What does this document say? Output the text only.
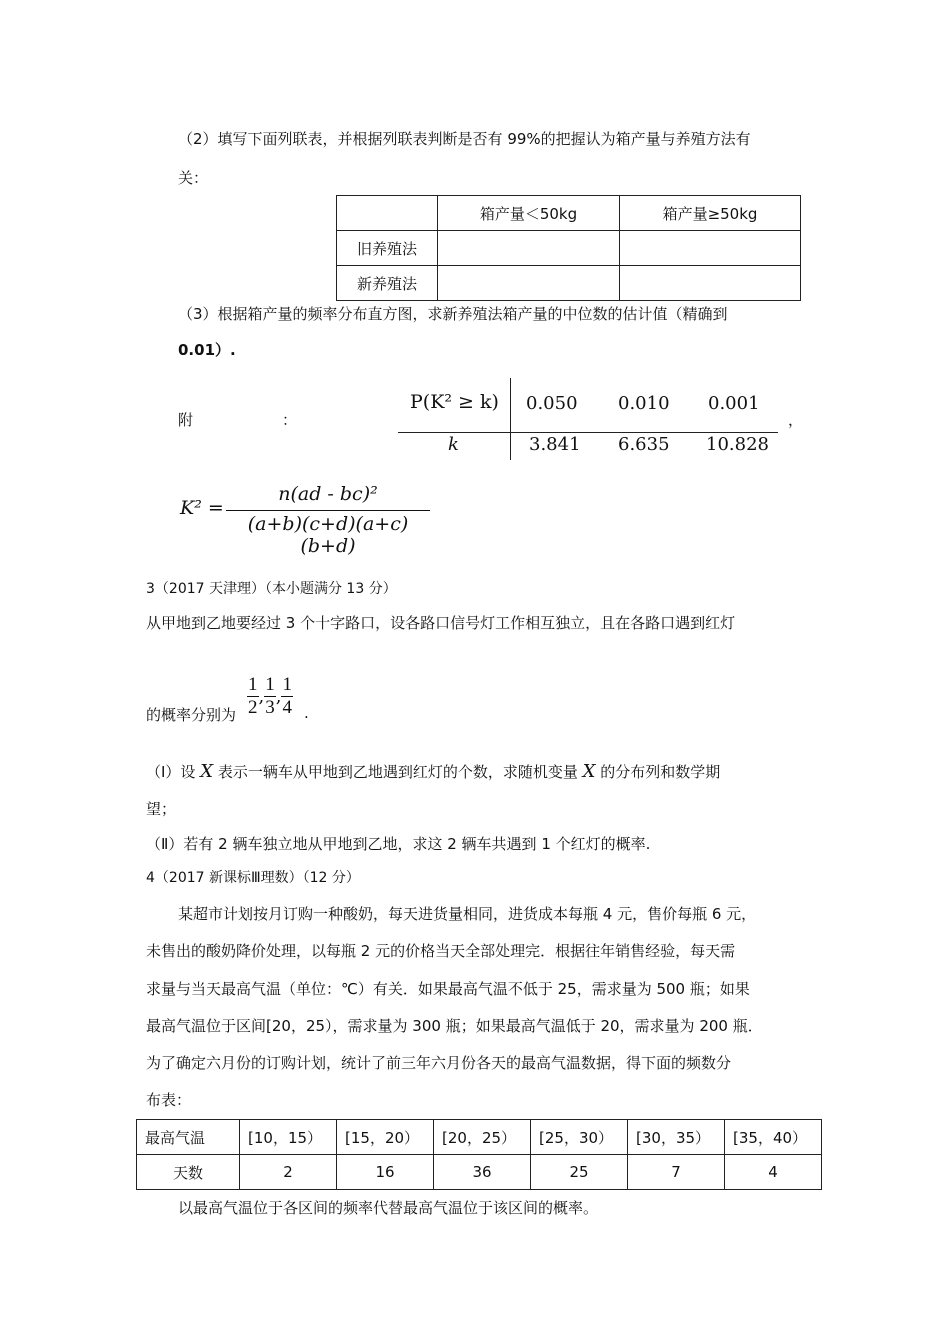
（2）填写下面列联表，并根据列联表判断是否有 99%的把握认为箱产量与养殖方法有
关：
	箱产量＜50kg	箱产量≥50kg
旧养殖法		
新养殖法		
（3）根据箱产量的频率分布直方图，求新养殖法箱产量的中位数的估计值（精确到
0.01）.
附	：
P(K² ≥ k) 0.050 0.010 0.001
k	3.841 6.635 10.828
，
K² =
n(ad - bc)²
(a+b)(c+d)(a+c)(b+d)
3（2017 天津理）（本小题满分 13 分）
从甲地到乙地要经过 3 个十字路口，设各路口信号灯工作相互独立，且在各路口遇到红灯
的概率分别为 $\frac{1}{2}$ , $\frac{1}{3}$ , $\frac{1}{4}$ .
（Ⅰ）设 X 表示一辆车从甲地到乙地遇到红灯的个数，求随机变量 X 的分布列和数学期
望；
（Ⅱ）若有 2 辆车独立地从甲地到乙地，求这 2 辆车共遇到 1 个红灯的概率.
4（2017 新课标Ⅲ理数）（12 分）
某超市计划按月订购一种酸奶，每天进货量相同，进货成本每瓶 4 元，售价每瓶 6 元，
未售出的酸奶降价处理，以每瓶 2 元的价格当天全部处理完．根据往年销售经验，每天需
求量与当天最高气温（单位：℃）有关．如果最高气温不低于 25，需求量为 500 瓶；如果
最高气温位于区间[20，25），需求量为 300 瓶；如果最高气温低于 20，需求量为 200 瓶．
为了确定六月份的订购计划，统计了前三年六月份各天的最高气温数据，得下面的频数分
布表：
最高气温	[10，15）	[15，20）	[20，25）	[25，30）	[30，35）	[35，40）
天数	2	16	36	25	7	4
以最高气温位于各区间的频率代替最高气温位于该区间的概率。
